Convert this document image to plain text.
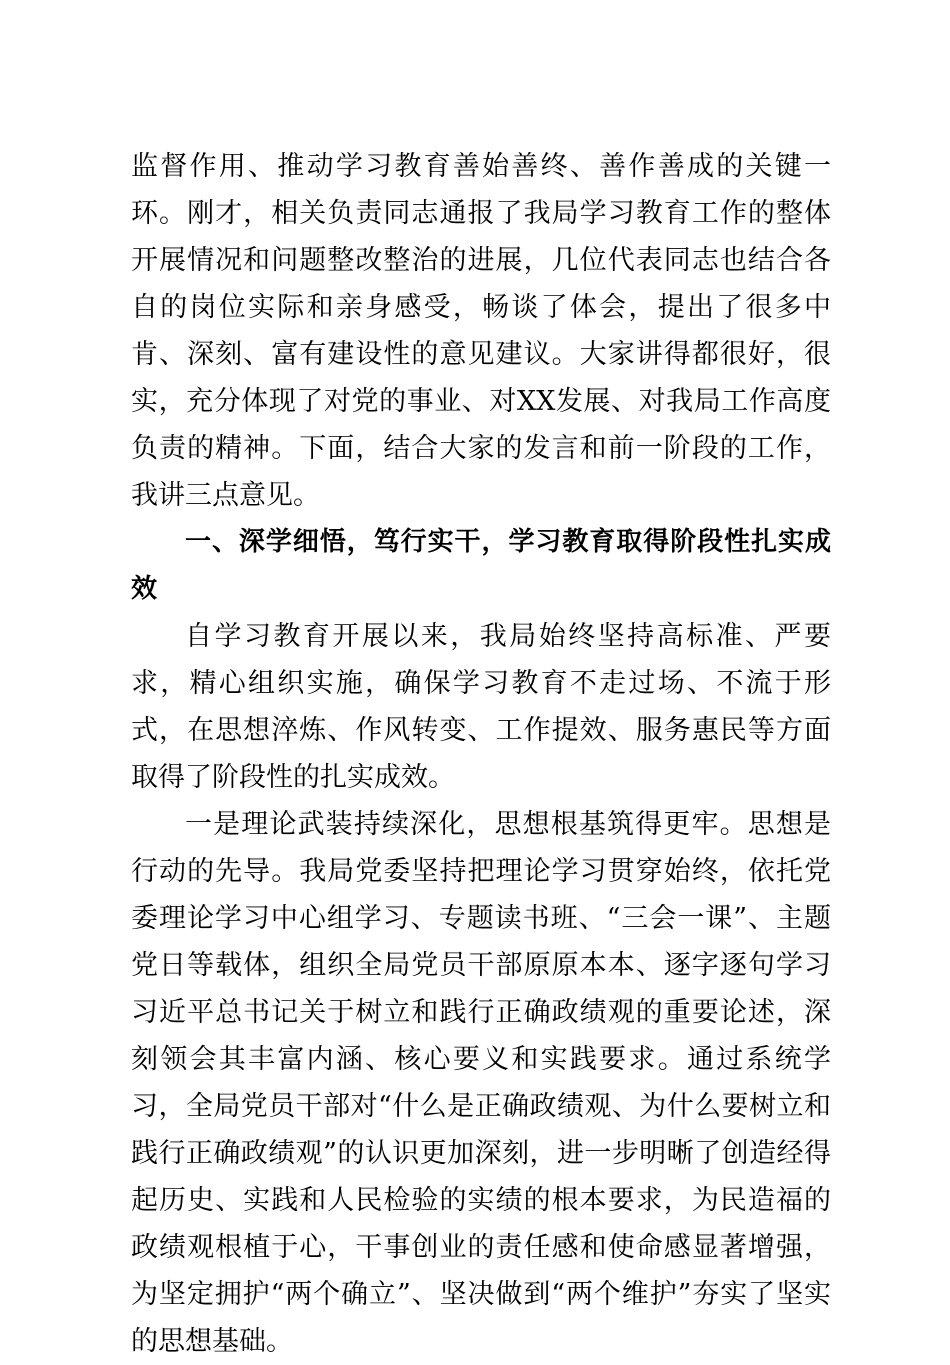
监督作用、推动学习教育善始善终、善作善成的关键一环。刚才，相关负责同志通报了我局学习教育工作的整体开展情况和问题整改整治的进展，几位代表同志也结合各自的岗位实际和亲身感受，畅谈了体会，提出了很多中肯、深刻、富有建设性的意见建议。大家讲得都很好，很实，充分体现了对党的事业、对XX发展、对我局工作高度负责的精神。下面，结合大家的发言和前一阶段的工作，我讲三点意见。

一、深学细悟，笃行实干，学习教育取得阶段性扎实成效

自学习教育开展以来，我局始终坚持高标准、严要求，精心组织实施，确保学习教育不走过场、不流于形式，在思想淬炼、作风转变、工作提效、服务惠民等方面取得了阶段性的扎实成效。

一是理论武装持续深化，思想根基筑得更牢。思想是行动的先导。我局党委坚持把理论学习贯穿始终，依托党委理论学习中心组学习、专题读书班、“三会一课”、主题党日等载体，组织全局党员干部原原本本、逐字逐句学习习近平总书记关于树立和践行正确政绩观的重要论述，深刻领会其丰富内涵、核心要义和实践要求。通过系统学习，全局党员干部对“什么是正确政绩观、为什么要树立和践行正确政绩观”的认识更加深刻，进一步明晰了创造经得起历史、实践和人民检验的实绩的根本要求，为民造福的政绩观根植于心，干事创业的责任感和使命感显著增强，为坚定拥护“两个确立”、坚决做到“两个维护”夯实了坚实的思想基础。
